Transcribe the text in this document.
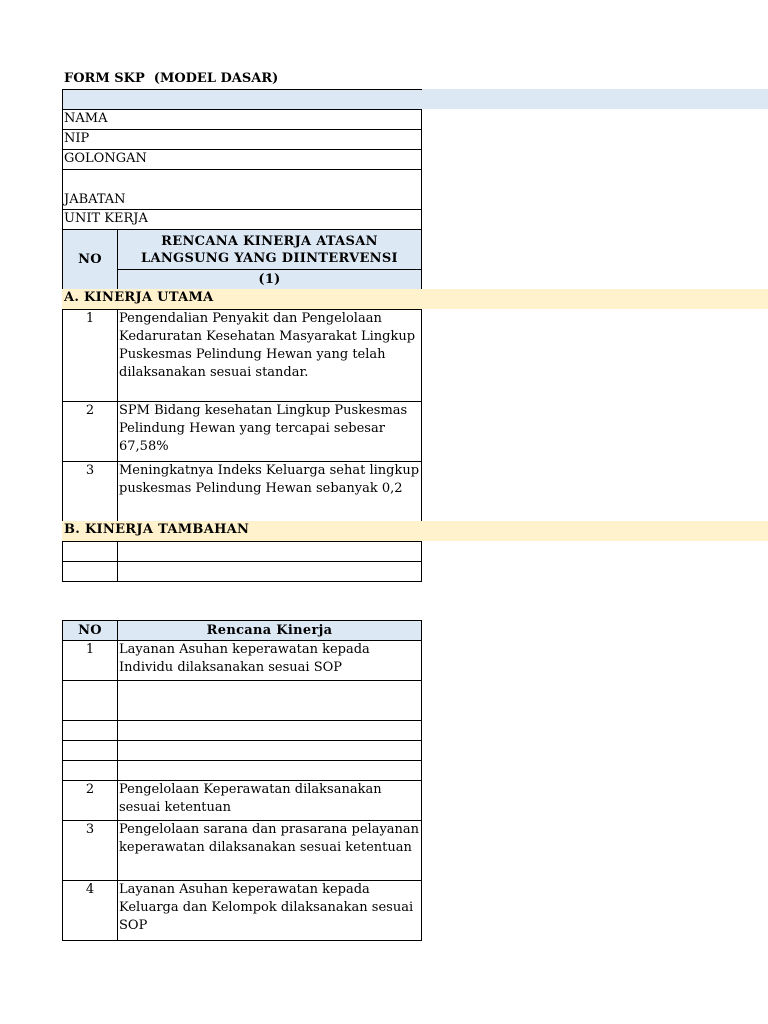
FORM SKP  (MODEL DASAR)
NAMA
NIP
GOLONGAN
JABATAN
UNIT KERJA
NO	RENCANA KINERJA ATASAN LANGSUNG YANG DIINTERVENSI
(1)
A. KINERJA UTAMA
1	Pengendalian Penyakit dan Pengelolaan Kedaruratan Kesehatan Masyarakat Lingkup Puskesmas Pelindung Hewan yang telah dilaksanakan sesuai standar.
2	SPM Bidang kesehatan Lingkup Puskesmas Pelindung Hewan yang tercapai sebesar 67,58%
3	Meningkatnya Indeks Keluarga sehat lingkup puskesmas Pelindung Hewan sebanyak 0,2
B. KINERJA TAMBAHAN

NO	Rencana Kinerja
1	Layanan Asuhan keperawatan kepada Individu dilaksanakan sesuai SOP

2	Pengelolaan Keperawatan dilaksanakan sesuai ketentuan
3	Pengelolaan sarana dan prasarana pelayanan keperawatan dilaksanakan sesuai ketentuan
4	Layanan Asuhan keperawatan kepada Keluarga dan Kelompok dilaksanakan sesuai SOP
